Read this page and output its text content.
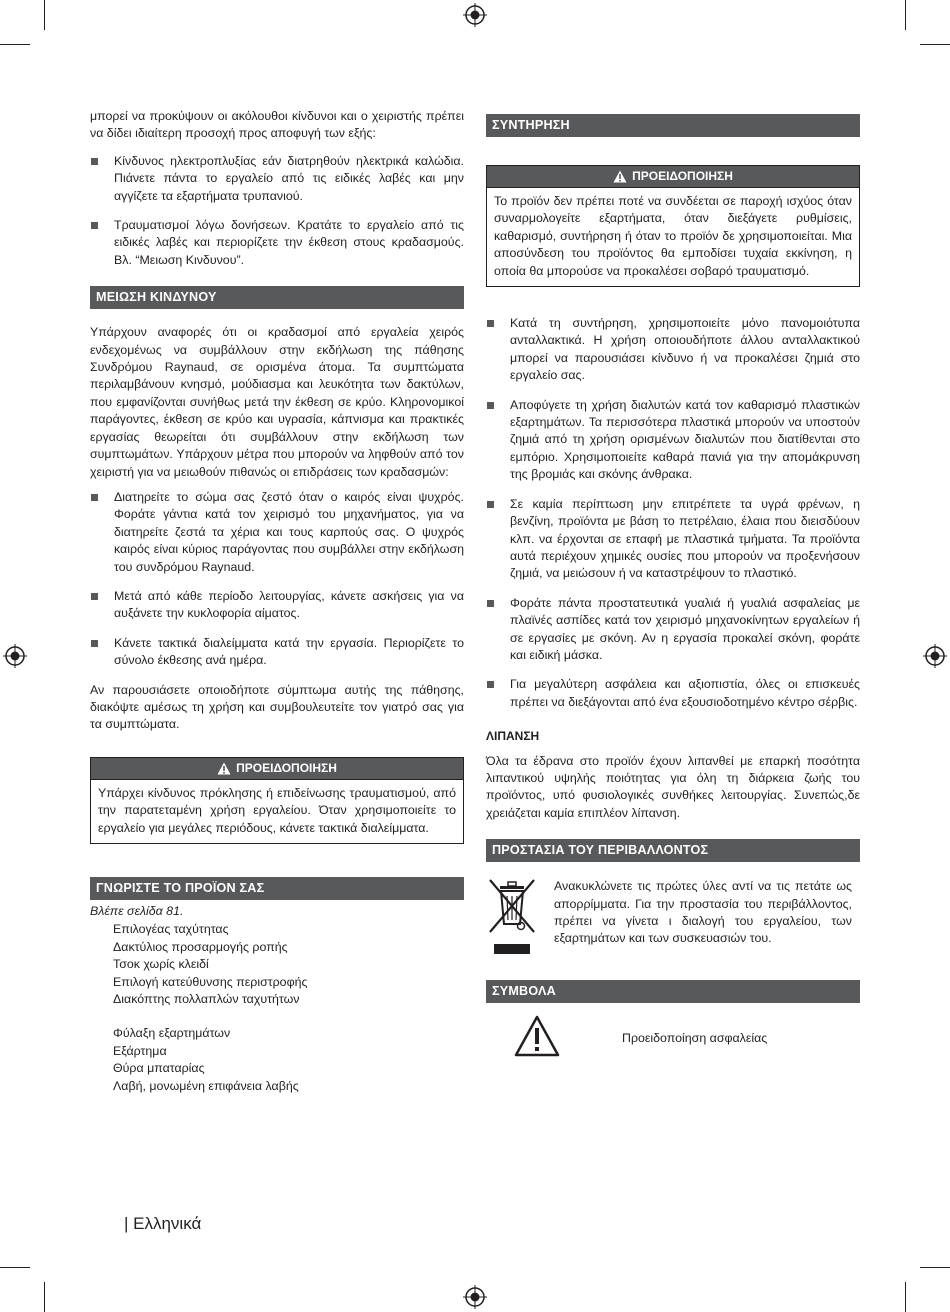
μπορεί να προκύψουν οι ακόλουθοι κίνδυνοι και ο χειριστής πρέπει να δίδει ιδιαίτερη προσοχή προς αποφυγή των εξής:

Κίνδυνος ηλεκτροπλυξίας εάν διατρηθούν ηλεκτρικά καλώδια. Πιάνετε πάντα το εργαλείο από τις ειδικές λαβές και μην αγγίζετε τα εξαρτήματα τρυπανιού.
Τραυματισμοί λόγω δονήσεων. Κρατάτε το εργαλείο από τις ειδικές λαβές και περιορίζετε την έκθεση στους κραδασμούς. Βλ. “Μειωση Κινδυνου”.
ΜΕΙΩΣΗ ΚΙΝΔΥΝΟΥ

Υπάρχουν αναφορές ότι οι κραδασμοί από εργαλεία χειρός ενδεχομένως να συμβάλλουν στην εκδήλωση της πάθησης Συνδρόμου Raynaud, σε ορισμένα άτομα. Τα συμπτώματα περιλαμβάνουν κνησμό, μούδιασμα και λευκότητα των δακτύλων, που εμφανίζονται συνήθως μετά την έκθεση σε κρύο. Κληρονομικοί παράγοντες, έκθεση σε κρύο και υγρασία, κάπνισμα και πρακτικές εργασίας θεωρείται ότι συμβάλλουν στην εκδήλωση των συμπτωμάτων. Υπάρχουν μέτρα που μπορούν να ληφθούν από τον χειριστή για να μειωθούν πιθανώς οι επιδράσεις των κραδασμών:

Διατηρείτε το σώμα σας ζεστό όταν ο καιρός είναι ψυχρός. Φοράτε γάντια κατά τον χειρισμό του μηχανήματος, για να διατηρείτε ζεστά τα χέρια και τους καρπούς σας. Ο ψυχρός καιρός είναι κύριος παράγοντας που συμβάλλει στην εκδήλωση του συνδρόμου Raynaud.
Μετά από κάθε περίοδο λειτουργίας, κάνετε ασκήσεις για να αυξάνετε την κυκλοφορία αίματος.
Κάνετε τακτικά διαλείμματα κατά την εργασία. Περιορίζετε το σύνολο έκθεσης ανά ημέρα.

Αν παρουσιάσετε οποιοδήποτε σύμπτωμα αυτής της πάθησης, διακόψτε αμέσως τη χρήση και συμβουλευτείτε τον γιατρό σας για τα συμπτώματα.

ΠΡΟΕΙΔΟΠΟΙΗΣΗ
Υπάρχει κίνδυνος πρόκλησης ή επιδείνωσης τραυματισμού, από την παρατεταμένη χρήση εργαλείου. Όταν χρησιμοποιείτε το εργαλείο για μεγάλες περιόδους, κάνετε τακτικά διαλείμματα.
ΓΝΩΡΙΣΤΕ ΤΟ ΠΡΟΪΟΝ ΣΑΣ
Βλέπε σελίδα 81.
Επιλογέας ταχύτητας
Δακτύλιος προσαρμογής ροπής
Τσοκ χωρίς κλειδί
Επιλογή κατεύθυνσης περιστροφής
Διακόπτης πολλαπλών ταχυτήτων
Φύλαξη εξαρτημάτων
Εξάρτημα
Θύρα μπαταρίας
Λαβή, μονωμένη επιφάνεια λαβής
ΣΥΝΤΗΡΗΣΗ
ΠΡΟΕΙΔΟΠΟΙΗΣΗ
Το προϊόν δεν πρέπει ποτέ να συνδέεται σε παροχή ισχύος όταν συναρμολογείτε εξαρτήματα, όταν διεξάγετε ρυθμίσεις, καθαρισμό, συντήρηση ή όταν το προϊόν δε χρησιμοποιείται. Μια αποσύνδεση του προϊόντος θα εμποδίσει τυχαία εκκίνηση, η οποία θα μπορούσε να προκαλέσει σοβαρό τραυματισμό.
Κατά τη συντήρηση, χρησιμοποιείτε μόνο πανομοιότυπα ανταλλακτικά. Η χρήση οποιουδήποτε άλλου ανταλλακτικού μπορεί να παρουσιάσει κίνδυνο ή να προκαλέσει ζημιά στο εργαλείο σας.
Αποφύγετε τη χρήση διαλυτών κατά τον καθαρισμό πλαστικών εξαρτημάτων. Τα περισσότερα πλαστικά μπορούν να υποστούν ζημιά από τη χρήση ορισμένων διαλυτών που διατίθενται στο εμπόριο. Χρησιμοποιείτε καθαρά πανιά για την απομάκρυνση της βρομιάς και σκόνης άνθρακα.
Σε καμία περίπτωση μην επιτρέπετε τα υγρά φρένων, η βενζίνη, προϊόντα με βάση το πετρέλαιο, έλαια που διεισδύουν κλπ. να έρχονται σε επαφή με πλαστικά τμήματα. Τα προϊόντα αυτά περιέχουν χημικές ουσίες που μπορούν να προξενήσουν ζημιά, να μειώσουν ή να καταστρέψουν το πλαστικό.
Φοράτε πάντα προστατευτικά γυαλιά ή γυαλιά ασφαλείας με πλαϊνές ασπίδες κατά τον χειρισμό μηχανοκίνητων εργαλείων ή σε εργασίες με σκόνη. Αν η εργασία προκαλεί σκόνη, φοράτε και ειδική μάσκα.
Για μεγαλύτερη ασφάλεια και αξιοπιστία, όλες οι επισκευές πρέπει να διεξάγονται από ένα εξουσιοδοτημένο κέντρο σέρβις.
ΛΙΠΑΝΣΗ

Όλα τα έδρανα στο προϊόν έχουν λιπανθεί με επαρκή ποσότητα λιπαντικού υψηλής ποιότητας για όλη τη διάρκεια ζωής του προϊόντος, υπό φυσιολογικές συνθήκες λειτουργίας. Συνεπώς,δε χρειάζεται καμία επιπλέον λίπανση.

ΠΡΟΣΤΑΣΙΑ ΤΟΥ ΠΕΡΙΒΑΛΛΟΝΤΟΣ

Ανακυκλώνετε τις πρώτες ύλες αντί να τις πετάτε ως απορρίμματα. Για την προστασία του περιβάλλοντος, πρέπει να γίνετα ι διαλογή του εργαλείου, των εξαρτημάτων και των συσκευασιών του.

ΣΥΜΒΟΛΑ
Προειδοποίηση ασφαλείας
| Ελληνικά
